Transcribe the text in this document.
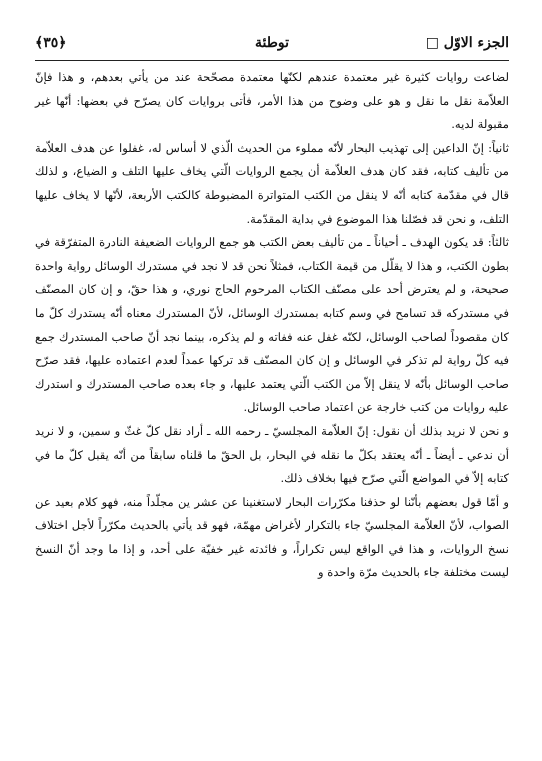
الجزء الاوّل □
توطئة
﴿٣٥﴾

لضاعت روايات كثيرة غير معتمدة عندهم لكنّها معتمدة مصحّحة عند من يأتي بعدهم، و هذا فإنّ العلاّمة نقل ما نقل و هو على وضوح من هذا الأمر، فأتى بروايات كان يصرّح في بعضها: أنّها غير مقبولة لديه.

ثانياً: إنّ الداعين إلى تهذيب البحار لأنّه مملوء من الحديث الّذي لا أساس له، غفلوا عن هدف العلاّمة من تأليف كتابه، فقد كان هدف العلاّمة أن يجمع الروايات الّتي يخاف عليها التلف و الضياع، و لذلك قال في مقدّمة كتابه أنّه لا ينقل من الكتب المتواترة المضبوطة كالكتب الأربعة، لأنّها لا يخاف عليها التلف، و نحن قد فصّلنا هذا الموضوع في بداية المقدّمة.

ثالثاً: قد يكون الهدف ـ أحياناً ـ من تأليف بعض الكتب هو جمع الروايات الضعيفة النادرة المتفرّقة في بطون الكتب، و هذا لا يقلّل من قيمة الكتاب، فمثلاً نحن قد لا نجد في مستدرك الوسائل رواية واحدة صحيحة، و لم يعترض أحد على مصنّف الكتاب المرحوم الحاج نوري، و هذا حقّ، و إن كان المصنّف في مستدركه قد تسامح في وسم كتابه بمستدرك الوسائل، لأنّ المستدرك معناه أنّه يستدرك كلّ ما كان مقصوداً لصاحب الوسائل، لكنّه غفل عنه ففاته و لم يذكره، بينما نجد أنّ صاحب المستدرك جمع فيه كلّ رواية لم تذكر في الوسائل و إن كان المصنّف قد تركها عمداً لعدم اعتماده عليها، فقد صرّح صاحب الوسائل بأنّه لا ينقل إلاّ من الكتب الّتي يعتمد عليها، و جاء بعده صاحب المستدرك و استدرك عليه روايات من كتب خارجة عن اعتماد صاحب الوسائل.

و نحن لا نريد بذلك أن نقول: إنّ العلاّمة المجلسيّ ـ رحمه الله ـ أراد نقل كلّ غثّ و سمين، و لا نريد أن ندعي ـ أيضاً ـ أنّه يعتقد بكلّ ما نقله في البحار، بل الحقّ ما قلناه سابقاً من أنّه يقبل كلّ ما في كتابه إلاّ في المواضع الّتي صرّح فيها بخلاف ذلك.

و أمّا قول بعضهم بأنّنا لو حذفنا مكرّرات البحار لاستغنينا عن عشر ين مجلّداً منه، فهو كلام بعيد عن الصواب، لأنّ العلاّمة المجلسيّ جاء بالتكرار لأغراض مهمّة، فهو قد يأتي بالحديث مكرّراً لأجل اختلاف نسخ الروايات، و هذا في الواقع ليس تكراراً، و فائدته غير خفيّة على أحد، و إذا ما وجد أنّ النسخ ليست مختلفة جاء بالحديث مرّة واحدة و
